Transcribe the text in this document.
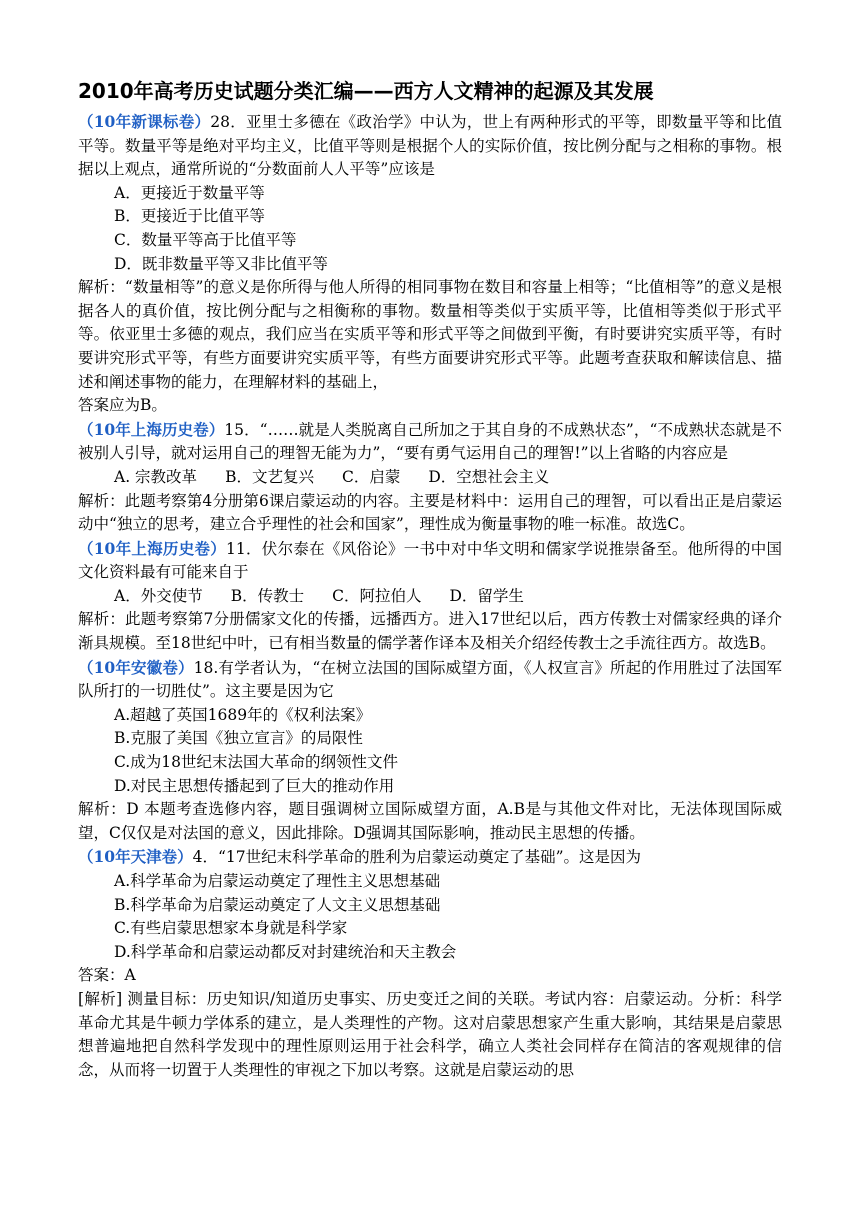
2010年高考历史试题分类汇编——西方人文精神的起源及其发展

（10年新课标卷）28．亚里士多德在《政治学》中认为，世上有两种形式的平等，即数量平等和比值平等。数量平等是绝对平均主义，比值平等则是根据个人的实际价值，按比例分配与之相称的事物。根据以上观点，通常所说的“分数面前人人平等”应该是

A．更接近于数量平等

B．更接近于比值平等

C．数量平等高于比值平等

D．既非数量平等又非比值平等

解析：“数量相等”的意义是你所得与他人所得的相同事物在数目和容量上相等；“比值相等”的意义是根据各人的真价值，按比例分配与之相衡称的事物。数量相等类似于实质平等，比值相等类似于形式平等。依亚里士多德的观点，我们应当在实质平等和形式平等之间做到平衡，有时要讲究实质平等，有时要讲究形式平等，有些方面要讲究实质平等，有些方面要讲究形式平等。此题考查获取和解读信息、描述和阐述事物的能力，在理解材料的基础上，

答案应为B。

（10年上海历史卷）15．“……就是人类脱离自己所加之于其自身的不成熟状态”，“不成熟状态就是不被别人引导，就对运用自己的理智无能为力”，“要有勇气运用自己的理智!”以上省略的内容应是

A. 宗教改革 B．文艺复兴 C．启蒙 D．空想社会主义

解析：此题考察第4分册第6课启蒙运动的内容。主要是材料中：运用自己的理智，可以看出正是启蒙运动中“独立的思考，建立合乎理性的社会和国家”，理性成为衡量事物的唯一标准。故选C。

（10年上海历史卷）11．伏尔泰在《风俗论》一书中对中华文明和儒家学说推崇备至。他所得的中国文化资料最有可能来自于

A．外交使节 B．传教士 C．阿拉伯人 D．留学生

解析：此题考察第7分册儒家文化的传播，远播西方。进入17世纪以后，西方传教士对儒家经典的译介渐具规模。至18世纪中叶，已有相当数量的儒学著作译本及相关介绍经传教士之手流往西方。故选B。

（10年安徽卷）18.有学者认为，“在树立法国的国际威望方面，《人权宣言》所起的作用胜过了法国军队所打的一切胜仗”。这主要是因为它

A.超越了英国1689年的《权利法案》

B.克服了美国《独立宣言》的局限性

C.成为18世纪末法国大革命的纲领性文件

D.对民主思想传播起到了巨大的推动作用

解析：D 本题考查选修内容，题目强调树立国际威望方面，A.B是与其他文件对比，无法体现国际威望，C仅仅是对法国的意义，因此排除。D强调其国际影响，推动民主思想的传播。

（10年天津卷）4．“17世纪末科学革命的胜利为启蒙运动奠定了基础”。这是因为

A.科学革命为启蒙运动奠定了理性主义思想基础

B.科学革命为启蒙运动奠定了人文主义思想基础

C.有些启蒙思想家本身就是科学家

D.科学革命和启蒙运动都反对封建统治和天主教会

答案：A

[解析] 测量目标：历史知识/知道历史事实、历史变迁之间的关联。考试内容：启蒙运动。分析：科学革命尤其是牛顿力学体系的建立，是人类理性的产物。这对启蒙思想家产生重大影响，其结果是启蒙思想普遍地把自然科学发现中的理性原则运用于社会科学，确立人类社会同样存在简洁的客观规律的信念，从而将一切置于人类理性的审视之下加以考察。这就是启蒙运动的思
